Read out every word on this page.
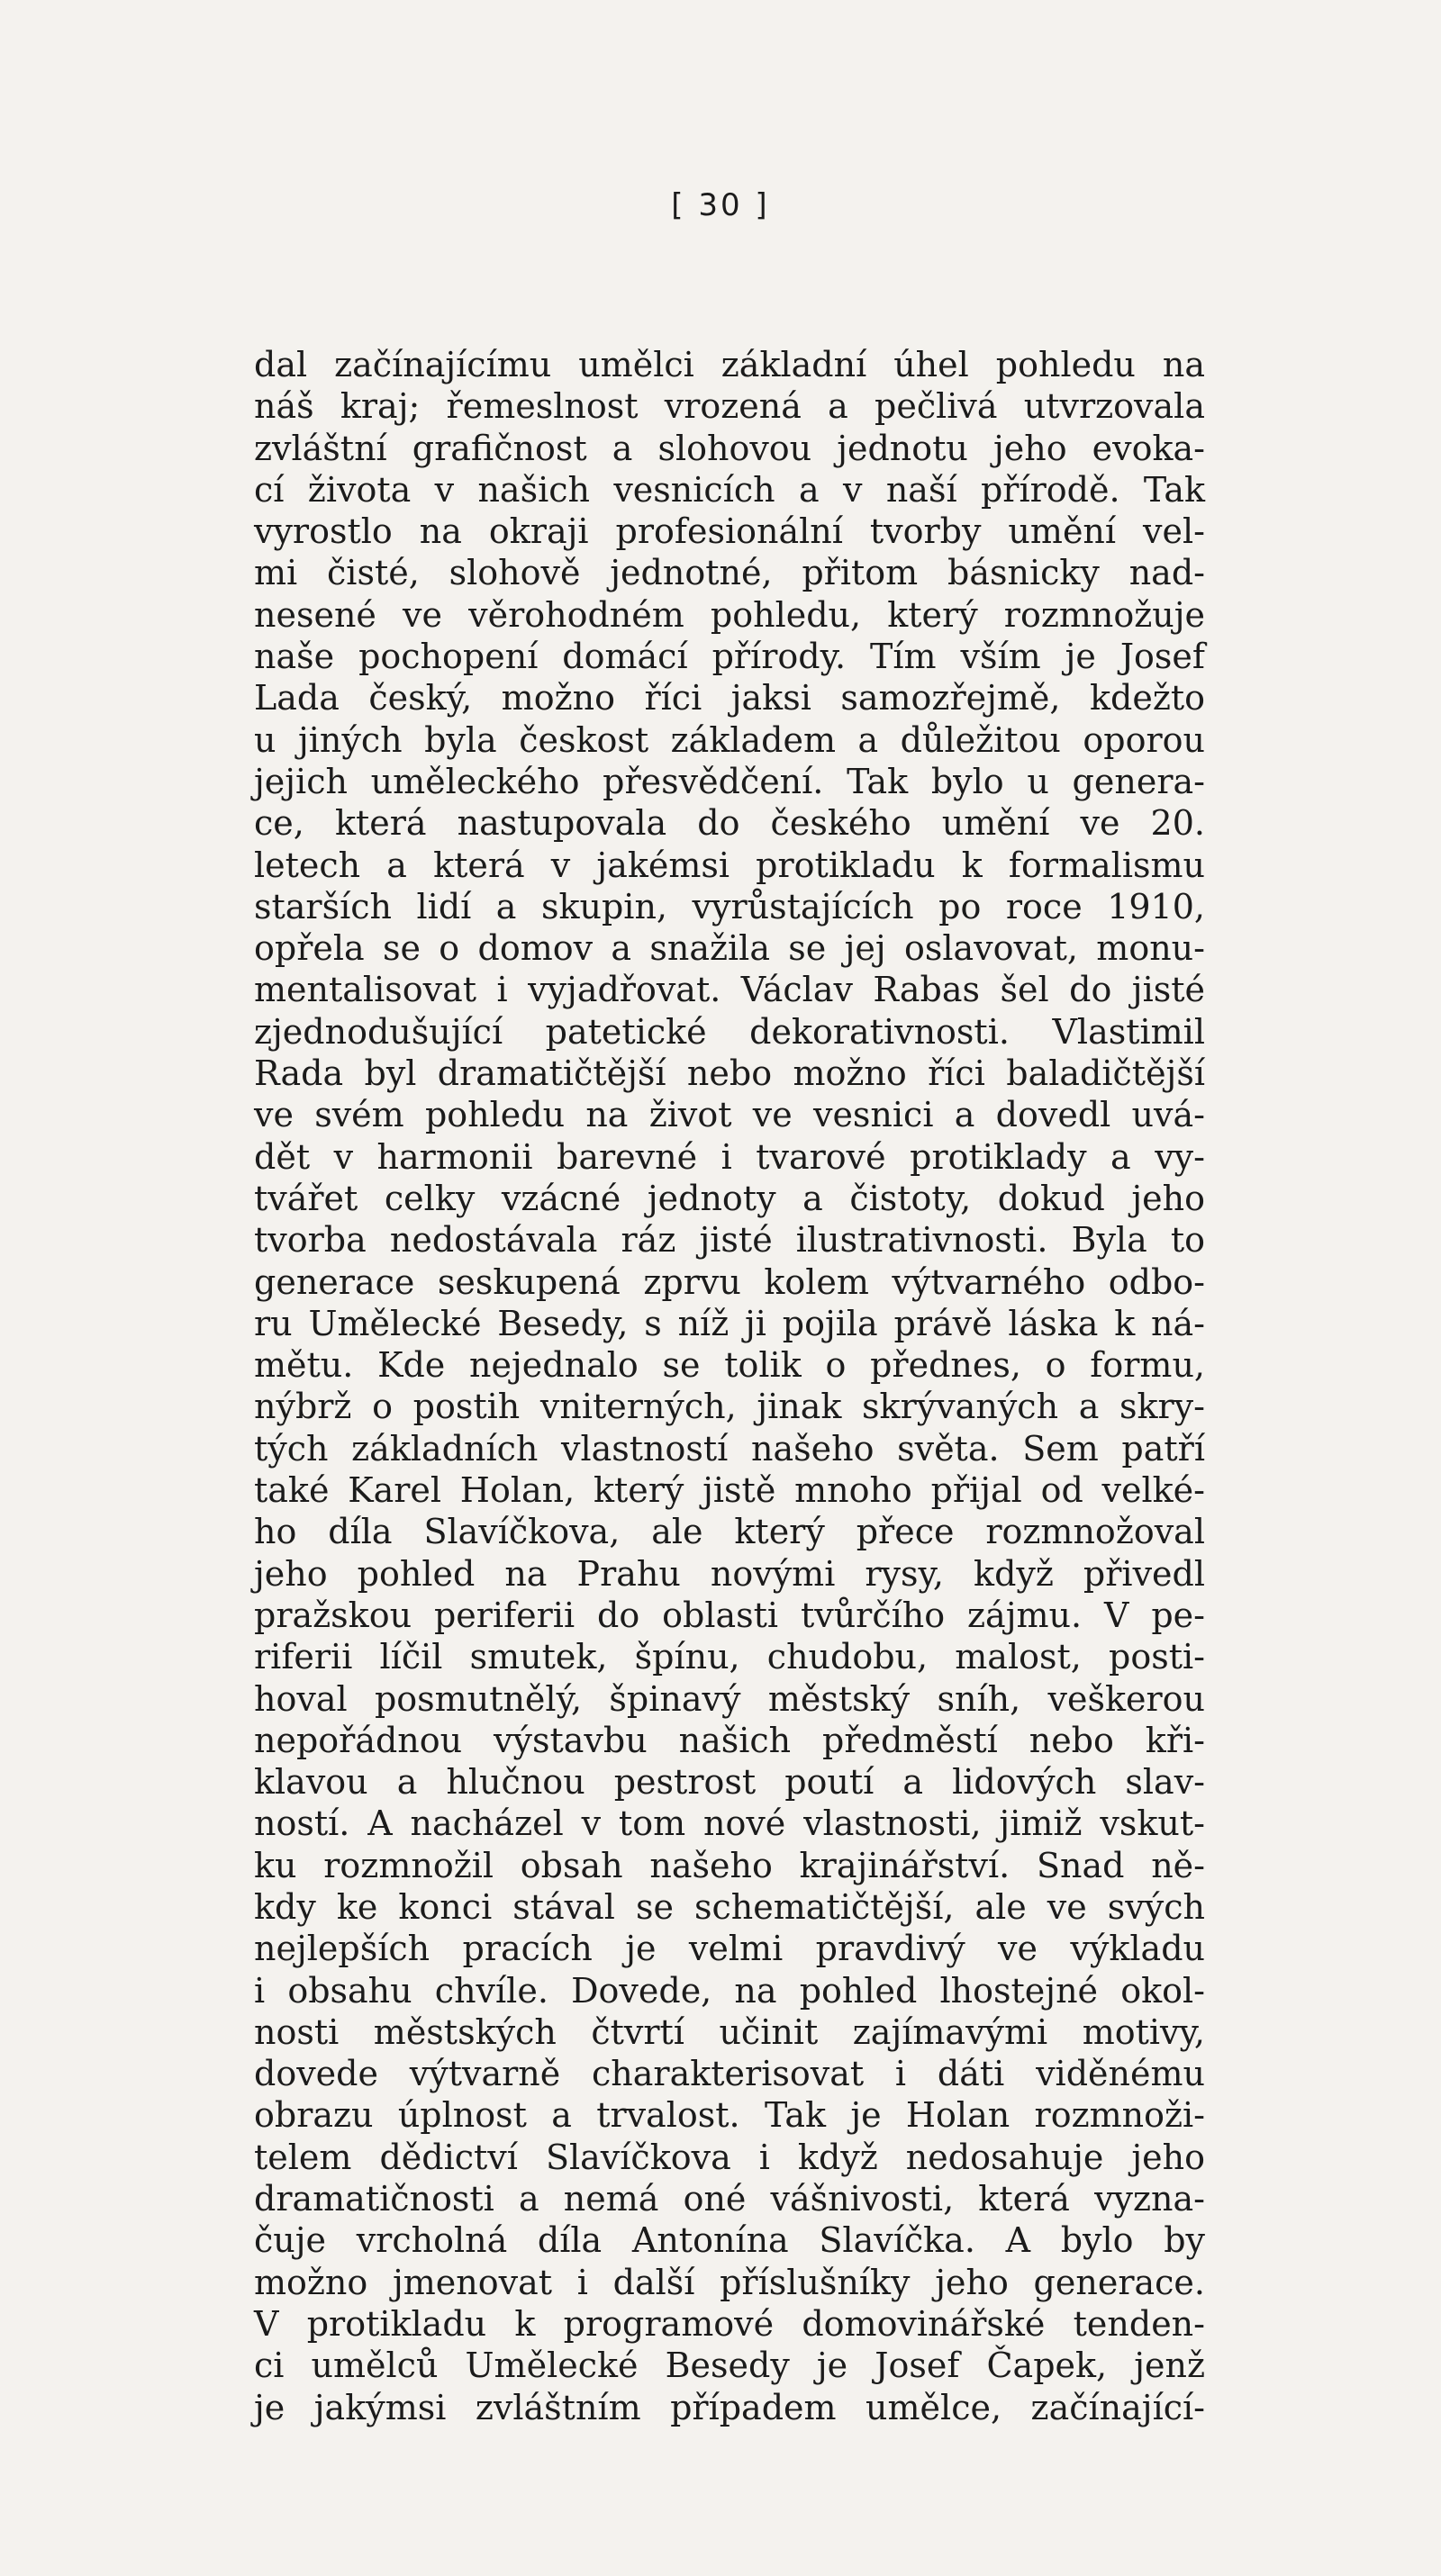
[ 30 ]
dal začínajícímu umělci základní úhel pohledu na
náš kraj; řemeslnost vrozená a pečlivá utvrzovala
zvláštní grafičnost a slohovou jednotu jeho evoka-
cí života v našich vesnicích a v naší přírodě. Tak
vyrostlo na okraji profesionální tvorby umění vel-
mi čisté, slohově jednotné, přitom básnicky nad-
nesené ve věrohodném pohledu, který rozmnožuje
naše pochopení domácí přírody. Tím vším je Josef
Lada český, možno říci jaksi samozřejmě, kdežto
u jiných byla českost základem a důležitou oporou
jejich uměleckého přesvědčení. Tak bylo u genera-
ce, která nastupovala do českého umění ve 20.
letech a která v jakémsi protikladu k formalismu
starších lidí a skupin, vyrůstajících po roce 1910,
opřela se o domov a snažila se jej oslavovat, monu-
mentalisovat i vyjadřovat. Václav Rabas šel do jisté
zjednodušující patetické dekorativnosti. Vlastimil
Rada byl dramatičtější nebo možno říci baladičtější
ve svém pohledu na život ve vesnici a dovedl uvá-
dět v harmonii barevné i tvarové protiklady a vy-
tvářet celky vzácné jednoty a čistoty, dokud jeho
tvorba nedostávala ráz jisté ilustrativnosti. Byla to
generace seskupená zprvu kolem výtvarného odbo-
ru Umělecké Besedy, s níž ji pojila právě láska k ná-
mětu. Kde nejednalo se tolik o přednes, o formu,
nýbrž o postih vniterných, jinak skrývaných a skry-
tých základních vlastností našeho světa. Sem patří
také Karel Holan, který jistě mnoho přijal od velké-
ho díla Slavíčkova, ale který přece rozmnožoval
jeho pohled na Prahu novými rysy, když přivedl
pražskou periferii do oblasti tvůrčího zájmu. V pe-
riferii líčil smutek, špínu, chudobu, malost, posti-
hoval posmutnělý, špinavý městský sníh, veškerou
nepořádnou výstavbu našich předměstí nebo kři-
klavou a hlučnou pestrost poutí a lidových slav-
ností. A nacházel v tom nové vlastnosti, jimiž vskut-
ku rozmnožil obsah našeho krajinářství. Snad ně-
kdy ke konci stával se schematičtější, ale ve svých
nejlepších pracích je velmi pravdivý ve výkladu
i obsahu chvíle. Dovede, na pohled lhostejné okol-
nosti městských čtvrtí učinit zajímavými motivy,
dovede výtvarně charakterisovat i dáti viděnému
obrazu úplnost a trvalost. Tak je Holan rozmnoži-
telem dědictví Slavíčkova i když nedosahuje jeho
dramatičnosti a nemá oné vášnivosti, která vyzna-
čuje vrcholná díla Antonína Slavíčka. A bylo by
možno jmenovat i další příslušníky jeho generace.
V protikladu k programové domovinářské tenden-
ci umělců Umělecké Besedy je Josef Čapek, jenž
je jakýmsi zvláštním případem umělce, začínající-
